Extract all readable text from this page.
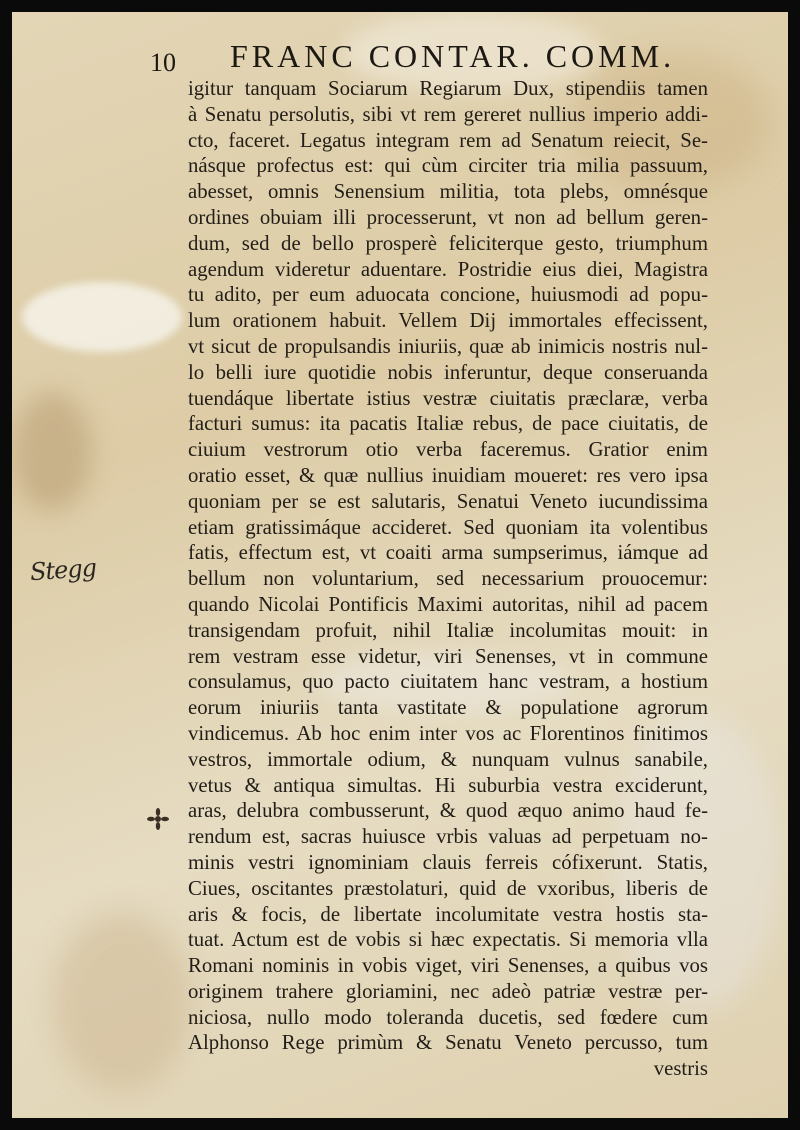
Stegg
10 FRANC CONTAR. COMM.
igitur tanquam Sociarum Regiarum Dux, stipendiis tamen
à Senatu persolutis, sibi vt rem gereret nullius imperio addi-
cto, faceret. Legatus integram rem ad Senatum reiecit, Se-
násque profectus est: qui cùm circiter tria milia passuum,
abesset, omnis Senensium militia, tota plebs, omnésque
ordines obuiam illi processerunt, vt non ad bellum geren-
dum, sed de bello prosperè feliciterque gesto, triumphum
agendum videretur aduentare. Postridie eius diei, Magistra
tu adito, per eum aduocata concione, huiusmodi ad popu-
lum orationem habuit. Vellem Dij immortales effecissent,
vt sicut de propulsandis iniuriis, quæ ab inimicis nostris nul-
lo belli iure quotidie nobis inferuntur, deque conseruanda
tuendáque libertate istius vestræ ciuitatis præclaræ, verba
facturi sumus: ita pacatis Italiæ rebus, de pace ciuitatis, de
ciuium vestrorum otio verba faceremus. Gratior enim
oratio esset, & quæ nullius inuidiam moueret: res vero ipsa
quoniam per se est salutaris, Senatui Veneto iucundissima
etiam gratissimáque accideret. Sed quoniam ita volentibus
fatis, effectum est, vt coaiti arma sumpserimus, iámque ad
bellum non voluntarium, sed necessarium prouocemur:
quando Nicolai Pontificis Maximi autoritas, nihil ad pacem
transigendam profuit, nihil Italiæ incolumitas mouit: in
rem vestram esse videtur, viri Senenses, vt in commune
consulamus, quo pacto ciuitatem hanc vestram, a hostium
eorum iniuriis tanta vastitate & populatione agrorum
vindicemus. Ab hoc enim inter vos ac Florentinos finitimos
vestros, immortale odium, & nunquam vulnus sanabile,
vetus & antiqua simultas. Hi suburbia vestra exciderunt,
aras, delubra combusserunt, & quod æquo animo haud fe-
rendum est, sacras huiusce vrbis valuas ad perpetuam no-
minis vestri ignominiam clauis ferreis cófixerunt. Statis,
Ciues, oscitantes præstolaturi, quid de vxoribus, liberis de
aris & focis, de libertate incolumitate vestra hostis sta-
tuat. Actum est de vobis si hæc expectatis. Si memoria vlla
Romani nominis in vobis viget, viri Senenses, a quibus vos
originem trahere gloriamini, nec adeò patriæ vestræ per-
niciosa, nullo modo toleranda ducetis, sed fœdere cum
Alphonso Rege primùm & Senatu Veneto percusso, tum
vestris
